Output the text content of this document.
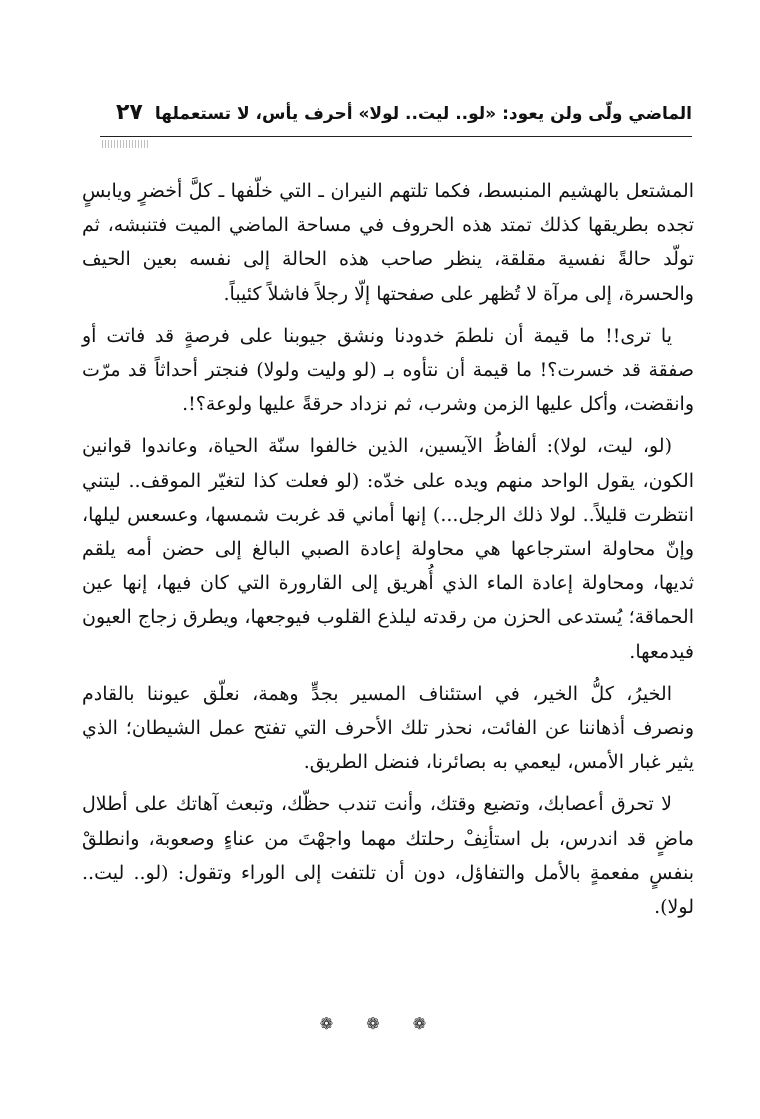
الماضي ولّى ولن يعود: «لو.. ليت.. لولا» أحرف يأس، لا تستعملها
٢٧

المشتعل بالهشيم المنبسط، فكما تلتهم النيران ـ التي خلّفها ـ كلَّ أخضرٍ ويابسٍ تجده بطريقها كذلك تمتد هذه الحروف في مساحة الماضي الميت فتنبشه، ثم تولّد حالةً نفسية مقلقة، ينظر صاحب هذه الحالة إلى نفسه بعين الحيف والحسرة، إلى مرآة لا تُظهر على صفحتها إلّا رجلاً فاشلاً كئيباً.

يا ترى!! ما قيمة أن نلطمَ خدودنا ونشق جيوبنا على فرصةٍ قد فاتت أو صفقة قد خسرت؟! ما قيمة أن نتأوه بـ (لو وليت ولولا) فنجتر أحداثاً قد مرّت وانقضت، وأكل عليها الزمن وشرب، ثم نزداد حرقةً عليها ولوعة؟!.

(لو، ليت، لولا): ألفاظُ الآيسين، الذين خالفوا سنّة الحياة، وعاندوا قوانين الكون، يقول الواحد منهم ويده على خدّه: (لو فعلت كذا لتغيّر الموقف.. ليتني انتظرت قليلاً.. لولا ذلك الرجل...) إنها أماني قد غربت شمسها، وعسعس ليلها، وإنّ محاولة استرجاعها هي محاولة إعادة الصبي البالغ إلى حضن أمه يلقم ثديها، ومحاولة إعادة الماء الذي أُهريق إلى القارورة التي كان فيها، إنها عين الحماقة؛ يُستدعى الحزن من رقدته ليلذع القلوب فيوجعها، ويطرق زجاج العيون فيدمعها.

الخيرُ، كلُّ الخير، في استئناف المسير بجدٍّ وهمة، نعلّق عيوننا بالقادم ونصرف أذهاننا عن الفائت، نحذر تلك الأحرف التي تفتح عمل الشيطان؛ الذي يثير غبار الأمس، ليعمي به بصائرنا، فنضل الطريق.

لا تحرق أعصابك، وتضيع وقتك، وأنت تندب حظّك، وتبعث آهاتك على أطلال ماضٍ قد اندرس، بل استأنِفْ رحلتك مهما واجهْتَ من عناءٍ وصعوبة، وانطلقْ بنفسٍ مفعمةٍ بالأمل والتفاؤل، دون أن تلتفت إلى الوراء وتقول: (لو.. ليت.. لولا).

❁ ❁ ❁
